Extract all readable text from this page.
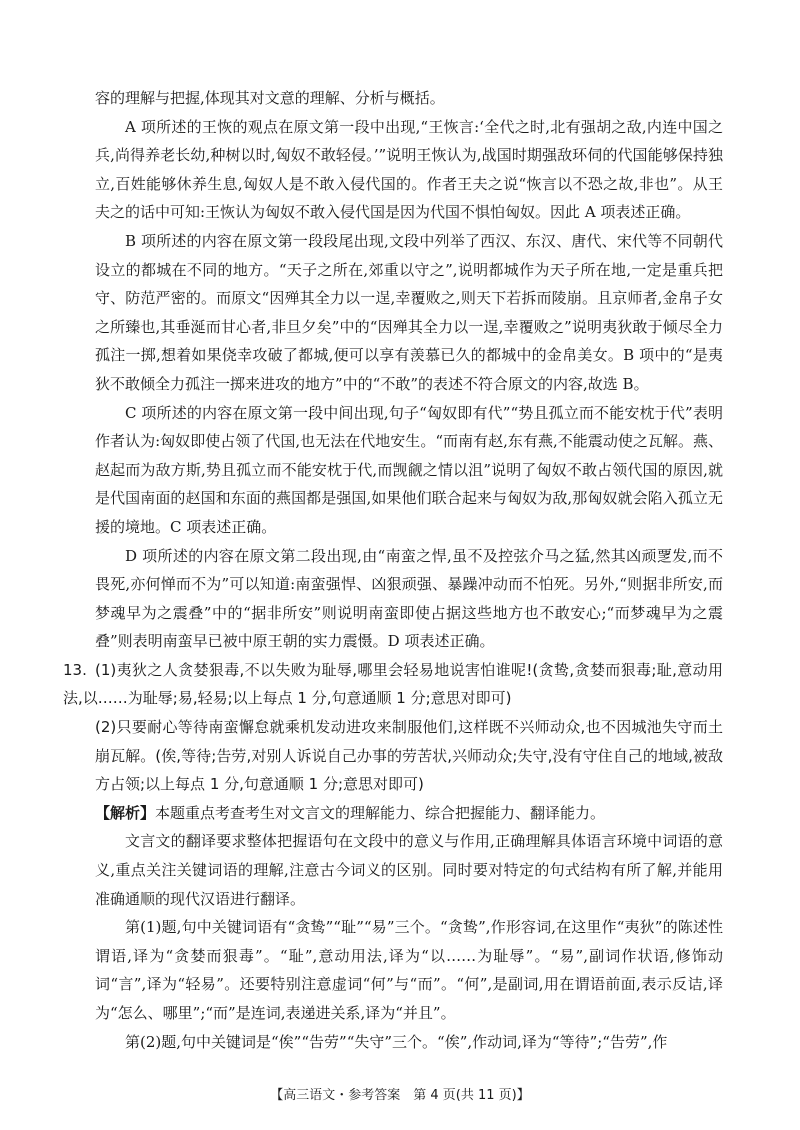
容的理解与把握,体现其对文意的理解、分析与概括。

A 项所述的王恢的观点在原文第一段中出现,“王恢言:‘全代之时,北有强胡之敌,内连中国之兵,尚得养老长幼,种树以时,匈奴不敢轻侵。’”说明王恢认为,战国时期强敌环伺的代国能够保持独立,百姓能够休养生息,匈奴人是不敢入侵代国的。作者王夫之说“恢言以不恐之故,非也”。从王夫之的话中可知:王恢认为匈奴不敢入侵代国是因为代国不惧怕匈奴。因此 A 项表述正确。

B 项所述的内容在原文第一段段尾出现,文段中列举了西汉、东汉、唐代、宋代等不同朝代设立的都城在不同的地方。“天子之所在,郊重以守之”,说明都城作为天子所在地,一定是重兵把守、防范严密的。而原文“因殚其全力以一逞,幸覆败之,则天下若拆而陵崩。且京师者,金帛子女之所臻也,其垂涎而甘心者,非旦夕矣”中的“因殚其全力以一逞,幸覆败之”说明夷狄敢于倾尽全力孤注一掷,想着如果侥幸攻破了都城,便可以享有羡慕已久的都城中的金帛美女。B 项中的“是夷狄不敢倾全力孤注一掷来进攻的地方”中的“不敢”的表述不符合原文的内容,故选 B。

C 项所述的内容在原文第一段中间出现,句子“匈奴即有代”“势且孤立而不能安枕于代”表明作者认为:匈奴即使占领了代国,也无法在代地安生。“而南有赵,东有燕,不能震动使之瓦解。燕、赵起而为敌方斯,势且孤立而不能安枕于代,而觊觎之情以沮”说明了匈奴不敢占领代国的原因,就是代国南面的赵国和东面的燕国都是强国,如果他们联合起来与匈奴为敌,那匈奴就会陷入孤立无援的境地。C 项表述正确。

D 项所述的内容在原文第二段出现,由“南蛮之悍,虽不及控弦介马之猛,然其凶顽覂发,而不畏死,亦何惮而不为”可以知道:南蛮强悍、凶狠顽强、暴躁冲动而不怕死。另外,“则据非所安,而梦魂早为之震叠”中的“据非所安”则说明南蛮即使占据这些地方也不敢安心;“而梦魂早为之震叠”则表明南蛮早已被中原王朝的实力震慑。D 项表述正确。

13. (1)夷狄之人贪婪狠毒,不以失败为耻辱,哪里会轻易地说害怕谁呢!(贪鸷,贪婪而狠毒;耻,意动用法,以……为耻辱;易,轻易;以上每点 1 分,句意通顺 1 分;意思对即可)

(2)只要耐心等待南蛮懈怠就乘机发动进攻来制服他们,这样既不兴师动众,也不因城池失守而土崩瓦解。(俟,等待;告劳,对别人诉说自己办事的劳苦状,兴师动众;失守,没有守住自己的地域,被敌方占领;以上每点 1 分,句意通顺 1 分;意思对即可)

【解析】本题重点考查考生对文言文的理解能力、综合把握能力、翻译能力。

文言文的翻译要求整体把握语句在文段中的意义与作用,正确理解具体语言环境中词语的意义,重点关注关键词语的理解,注意古今词义的区别。同时要对特定的句式结构有所了解,并能用准确通顺的现代汉语进行翻译。

第(1)题,句中关键词语有“贪鸷”“耻”“易”三个。“贪鸷”,作形容词,在这里作“夷狄”的陈述性谓语,译为“贪婪而狠毒”。“耻”,意动用法,译为“以……为耻辱”。“易”,副词作状语,修饰动词“言”,译为“轻易”。还要特别注意虚词“何”与“而”。“何”,是副词,用在谓语前面,表示反诘,译为“怎么、哪里”;“而”是连词,表递进关系,译为“并且”。

第(2)题,句中关键词是“俟”“告劳”“失守”三个。“俟”,作动词,译为“等待”;“告劳”,作

【高三语文・参考答案　第 4 页(共 11 页)】
